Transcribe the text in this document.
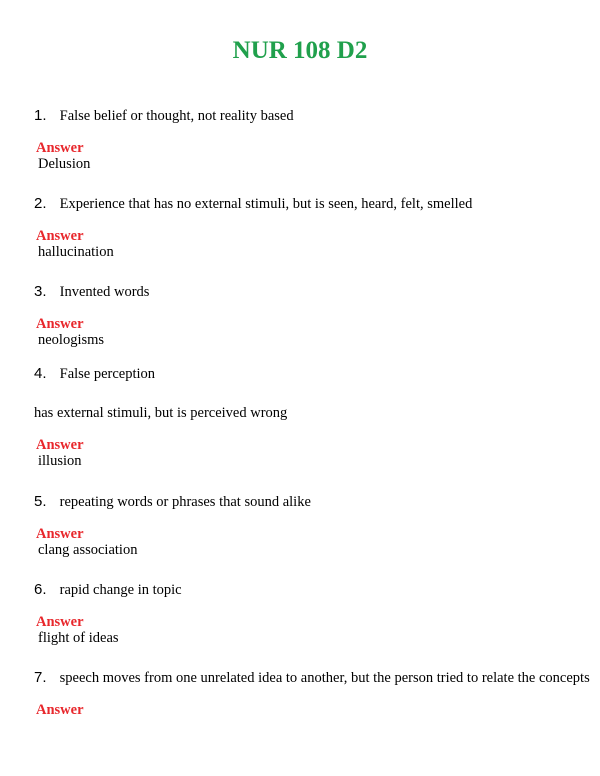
NUR 108 D2
1. False belief or thought, not reality based
Answer
Delusion
2. Experience that has no external stimuli, but is seen, heard, felt, smelled
Answer
hallucination
3. Invented words
Answer
neologisms
4. False perception
has external stimuli, but is perceived wrong
Answer
illusion
5. repeating words or phrases that sound alike
Answer
clang association
6. rapid change in topic
Answer
flight of ideas
7. speech moves from one unrelated idea to another, but the person tried to relate the concepts
Answer
